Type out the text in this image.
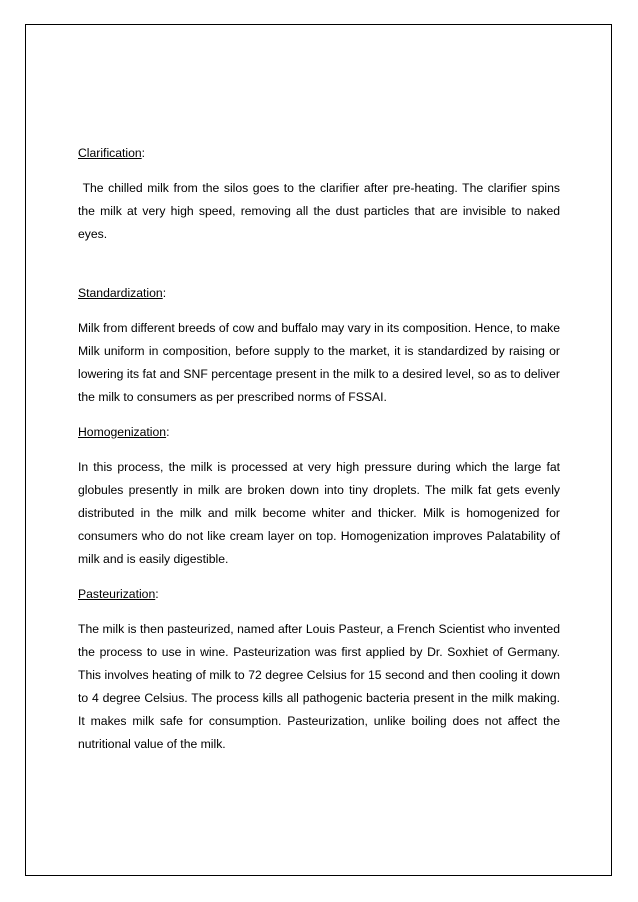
Clarification:

The chilled milk from the silos goes to the clarifier after pre-heating. The clarifier spins the milk at very high speed, removing all the dust particles that are invisible to naked eyes.

Standardization:

Milk from different breeds of cow and buffalo may vary in its composition. Hence, to make Milk uniform in composition, before supply to the market, it is standardized by raising or lowering its fat and SNF percentage present in the milk to a desired level, so as to deliver the milk to consumers as per prescribed norms of FSSAI.

Homogenization:

In this process, the milk is processed at very high pressure during which the large fat globules presently in milk are broken down into tiny droplets. The milk fat gets evenly distributed in the milk and milk become whiter and thicker. Milk is homogenized for consumers who do not like cream layer on top. Homogenization improves Palatability of milk and is easily digestible.

Pasteurization:

The milk is then pasteurized, named after Louis Pasteur, a French Scientist who invented the process to use in wine. Pasteurization was first applied by Dr. Soxhiet of Germany. This involves heating of milk to 72 degree Celsius for 15 second and then cooling it down to 4 degree Celsius. The process kills all pathogenic bacteria present in the milk making. It makes milk safe for consumption. Pasteurization, unlike boiling does not affect the nutritional value of the milk.
